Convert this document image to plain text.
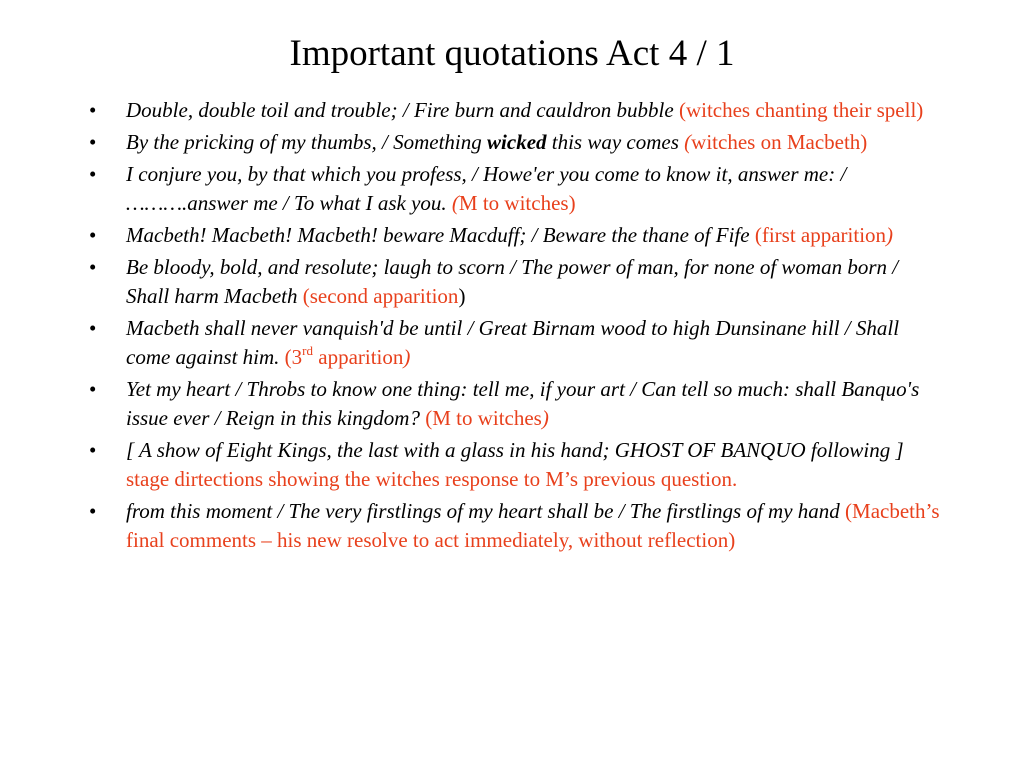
Important quotations Act 4 / 1
• Double, double toil and trouble; / Fire burn and cauldron bubble (witches chanting their spell)
• By the pricking of my thumbs, / Something wicked this way comes (witches on Macbeth)
• I conjure you, by that which you profess, / Howe'er you come to know it, answer me: / ……….answer me / To what I ask you. (M to witches)
• Macbeth! Macbeth! Macbeth! beware Macduff; / Beware the thane of Fife (first apparition)
• Be bloody, bold, and resolute; laugh to scorn / The power of man, for none of woman born / Shall harm Macbeth (second apparition)
• Macbeth shall never vanquish'd be until / Great Birnam wood to high Dunsinane hill / Shall come against him. (3rd apparition)
• Yet my heart / Throbs to know one thing: tell me, if your art / Can tell so much: shall Banquo's issue ever / Reign in this kingdom? (M to witches)
• [ A show of Eight Kings, the last with a glass in his hand; GHOST OF BANQUO following ] stage dirtections showing the witches response to M’s previous question.
• from this moment / The very firstlings of my heart shall be / The firstlings of my hand (Macbeth’s final comments – his new resolve to act immediately, without reflection)
